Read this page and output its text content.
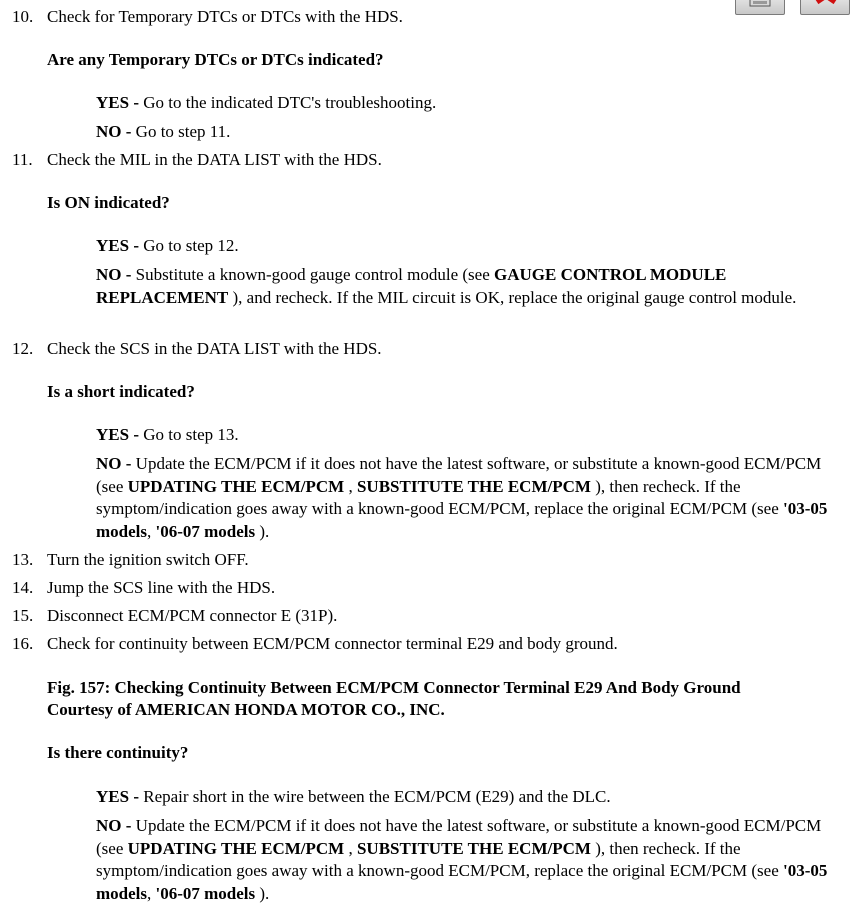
10. Check for Temporary DTCs or DTCs with the HDS.
Are any Temporary DTCs or DTCs indicated?
YES - Go to the indicated DTC's troubleshooting.
NO - Go to step 11.
11. Check the MIL in the DATA LIST with the HDS.
Is ON indicated?
YES - Go to step 12.
NO - Substitute a known-good gauge control module (see GAUGE CONTROL MODULE REPLACEMENT ), and recheck. If the MIL circuit is OK, replace the original gauge control module.
12. Check the SCS in the DATA LIST with the HDS.
Is a short indicated?
YES - Go to step 13.
NO - Update the ECM/PCM if it does not have the latest software, or substitute a known-good ECM/PCM (see UPDATING THE ECM/PCM , SUBSTITUTE THE ECM/PCM ), then recheck. If the symptom/indication goes away with a known-good ECM/PCM, replace the original ECM/PCM (see '03-05 models, '06-07 models ).
13. Turn the ignition switch OFF.
14. Jump the SCS line with the HDS.
15. Disconnect ECM/PCM connector E (31P).
16. Check for continuity between ECM/PCM connector terminal E29 and body ground.
Fig. 157: Checking Continuity Between ECM/PCM Connector Terminal E29 And Body Ground
Courtesy of AMERICAN HONDA MOTOR CO., INC.
Is there continuity?
YES - Repair short in the wire between the ECM/PCM (E29) and the DLC.
NO - Update the ECM/PCM if it does not have the latest software, or substitute a known-good ECM/PCM (see UPDATING THE ECM/PCM , SUBSTITUTE THE ECM/PCM ), then recheck. If the symptom/indication goes away with a known-good ECM/PCM, replace the original ECM/PCM (see '03-05 models, '06-07 models ).
